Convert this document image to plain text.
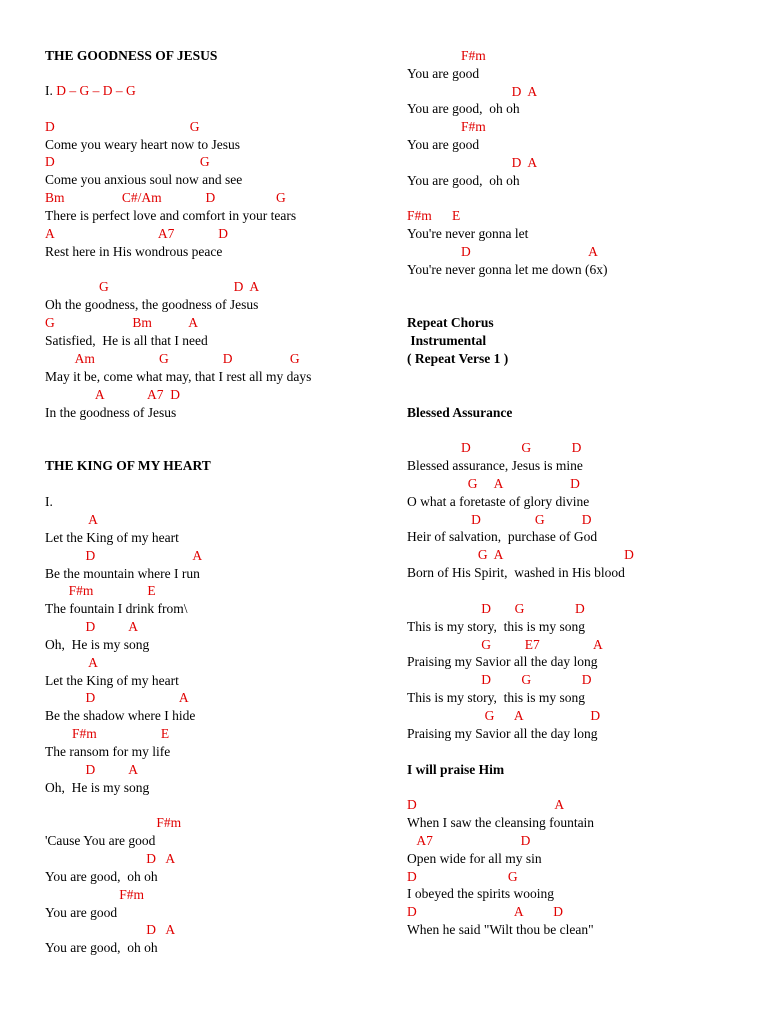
THE GOODNESS OF JESUS
I. D – G – D – G
D                                        G
Come you weary heart now to Jesus
D                                           G
Come you anxious soul now and see
Bm                 C#/Am             D                  G
There is perfect love and comfort in your tears
A                               A7             D
Rest here in His wondrous peace
G                                     D  A
Oh the goodness, the goodness of Jesus
G                       Bm           A
Satisfied,  He is all that I need
Am                   G                D                 G
May it be, come what may, that I rest all my days
A             A7  D
In the goodness of Jesus
THE KING OF MY HEART
I.
A
Let the King of my heart
D                             A
Be the mountain where I run
F#m                E
The fountain I drink from\
D          A
Oh,  He is my song
A
Let the King of my heart
D                         A
Be the shadow where I hide
F#m                   E
The ransom for my life
D          A
Oh,  He is my song
F#m
'Cause You are good
D   A
You are good,  oh oh
F#m
You are good
D   A
You are good,  oh oh
F#m
You are good
D  A
You are good,  oh oh
F#m
You are good
D  A
You are good,  oh oh
F#m      E
You're never gonna let
D                                   A
You're never gonna let me down (6x)
Repeat Chorus
Instrumental
( Repeat Verse 1 )
Blessed Assurance
D               G            D
Blessed assurance, Jesus is mine
G     A                    D
O what a foretaste of glory divine
D                G           D
Heir of salvation,  purchase of God
G  A                                    D
Born of His Spirit,  washed in His blood
D       G               D
This is my story,  this is my song
G          E7                A
Praising my Savior all the day long
D         G               D
This is my story,  this is my song
G      A                    D
Praising my Savior all the day long
I will praise Him
D                                         A
When I saw the cleansing fountain
A7                          D
Open wide for all my sin
D                           G
I obeyed the spirits wooing
D                             A         D
When he said "Wilt thou be clean"
